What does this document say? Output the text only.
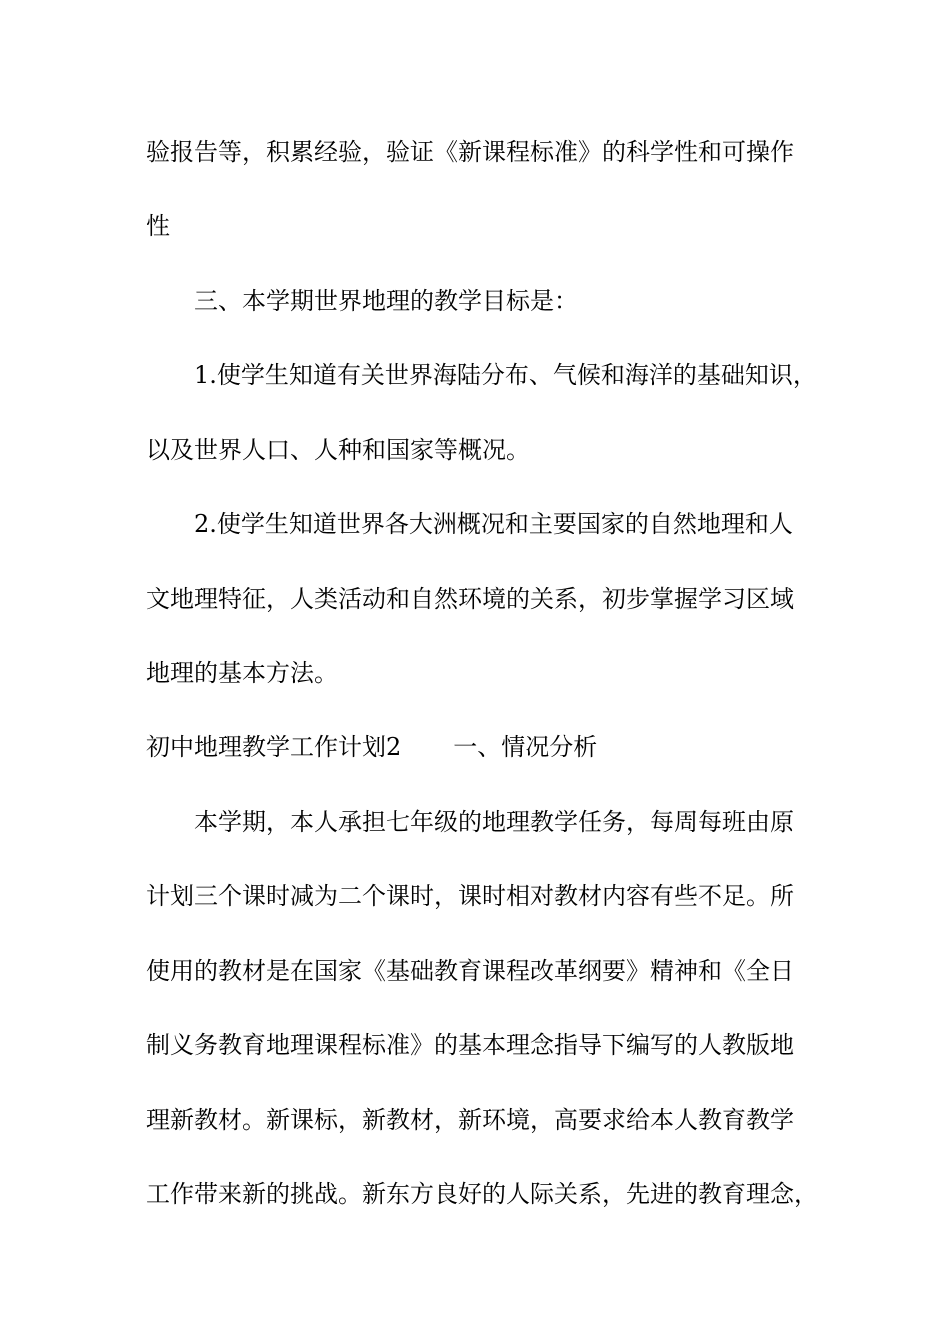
验报告等，积累经验，验证《新课程标准》的科学性和可操作
性
三、本学期世界地理的教学目标是：
1.使学生知道有关世界海陆分布、气候和海洋的基础知识，
以及世界人口、人种和国家等概况。
2.使学生知道世界各大洲概况和主要国家的自然地理和人
文地理特征，人类活动和自然环境的关系，初步掌握学习区域
地理的基本方法。
初中地理教学工作计划2 一、情况分析
本学期，本人承担七年级的地理教学任务，每周每班由原
计划三个课时减为二个课时，课时相对教材内容有些不足。所
使用的教材是在国家《基础教育课程改革纲要》精神和《全日
制义务教育地理课程标准》的基本理念指导下编写的人教版地
理新教材。新课标，新教材，新环境，高要求给本人教育教学
工作带来新的挑战。新东方良好的人际关系，先进的教育理念，
